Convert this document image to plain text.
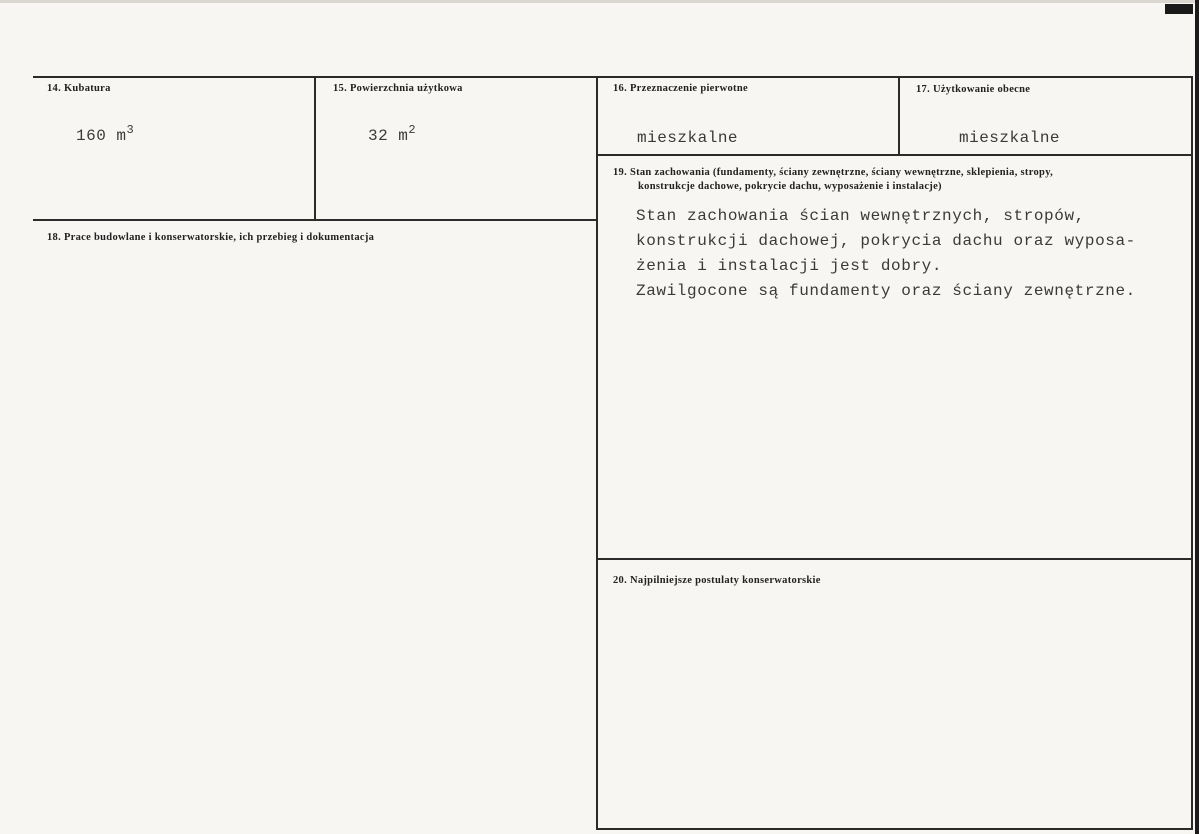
14. Kubatura
160 $m^3$
15. Powierzchnia użytkowa
32 $m^2$
16. Przeznaczenie pierwotne
mieszkalne
17. Użytkowanie obecne
mieszkalne
18. Prace budowlane i konserwatorskie, ich przebieg i dokumentacja
19. Stan zachowania (fundamenty, ściany zewnętrzne, ściany wewnętrzne, sklepienia, stropy,
konstrukcje dachowe, pokrycie dachu, wyposażenie i instalacje)
Stan zachowania ścian wewnętrznych, stropów,
konstrukcji dachowej, pokrycia dachu oraz wyposa-
żenia i instalacji jest dobry.
Zawilgocone są fundamenty oraz ściany zewnętrzne.
20. Najpilniejsze postulaty konserwatorskie
